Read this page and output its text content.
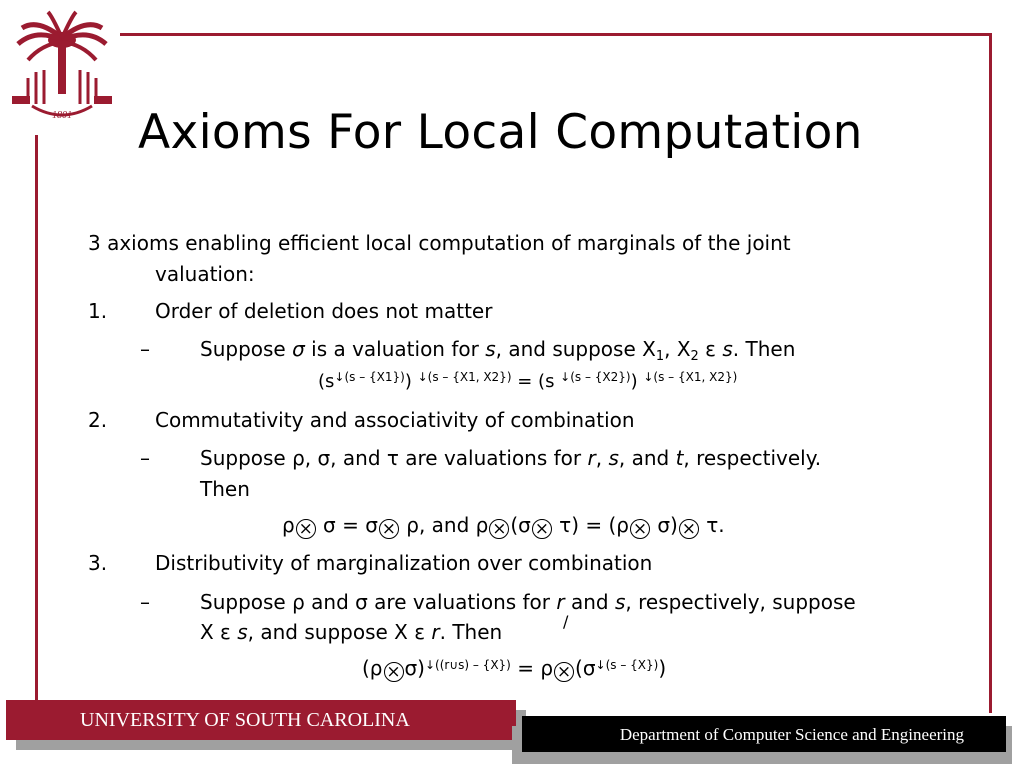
1801 Axioms For Local Computation
3 axioms enabling efficient local computation of marginals of the joint
valuation:
1. Order of deletion does not matter
–	Suppose σ is a valuation for s, and suppose $X_1$, $X_2$ ε s. Then
$(s^{↓(s - \{X1\})}) ^{↓(s - \{X1, X2\})} = (s$ $^{↓(s - \{X2\})}$) $^{↓(s - \{X1, X2\})}$
2. Commutativity and associativity of combination
–	Suppose ρ, σ, and τ are valuations for r, s, and t, respectively.
Then
ρ × σ = σ × ρ, and ρ × (σ × τ) = (ρ × σ) × τ.
3. Distributivity of marginalization over combination
–	Suppose ρ and σ are valuations for r and s, respectively, suppose
X ε s, and suppose X ε r. Then	/
$(\rho \times \sigma)^{↓((r\cup s) - \{X\})} = \rho \times (\sigma^{↓(s - \{X\})})$
UNIVERSITY OF SOUTH CAROLINA
Department of Computer Science and Engineering
